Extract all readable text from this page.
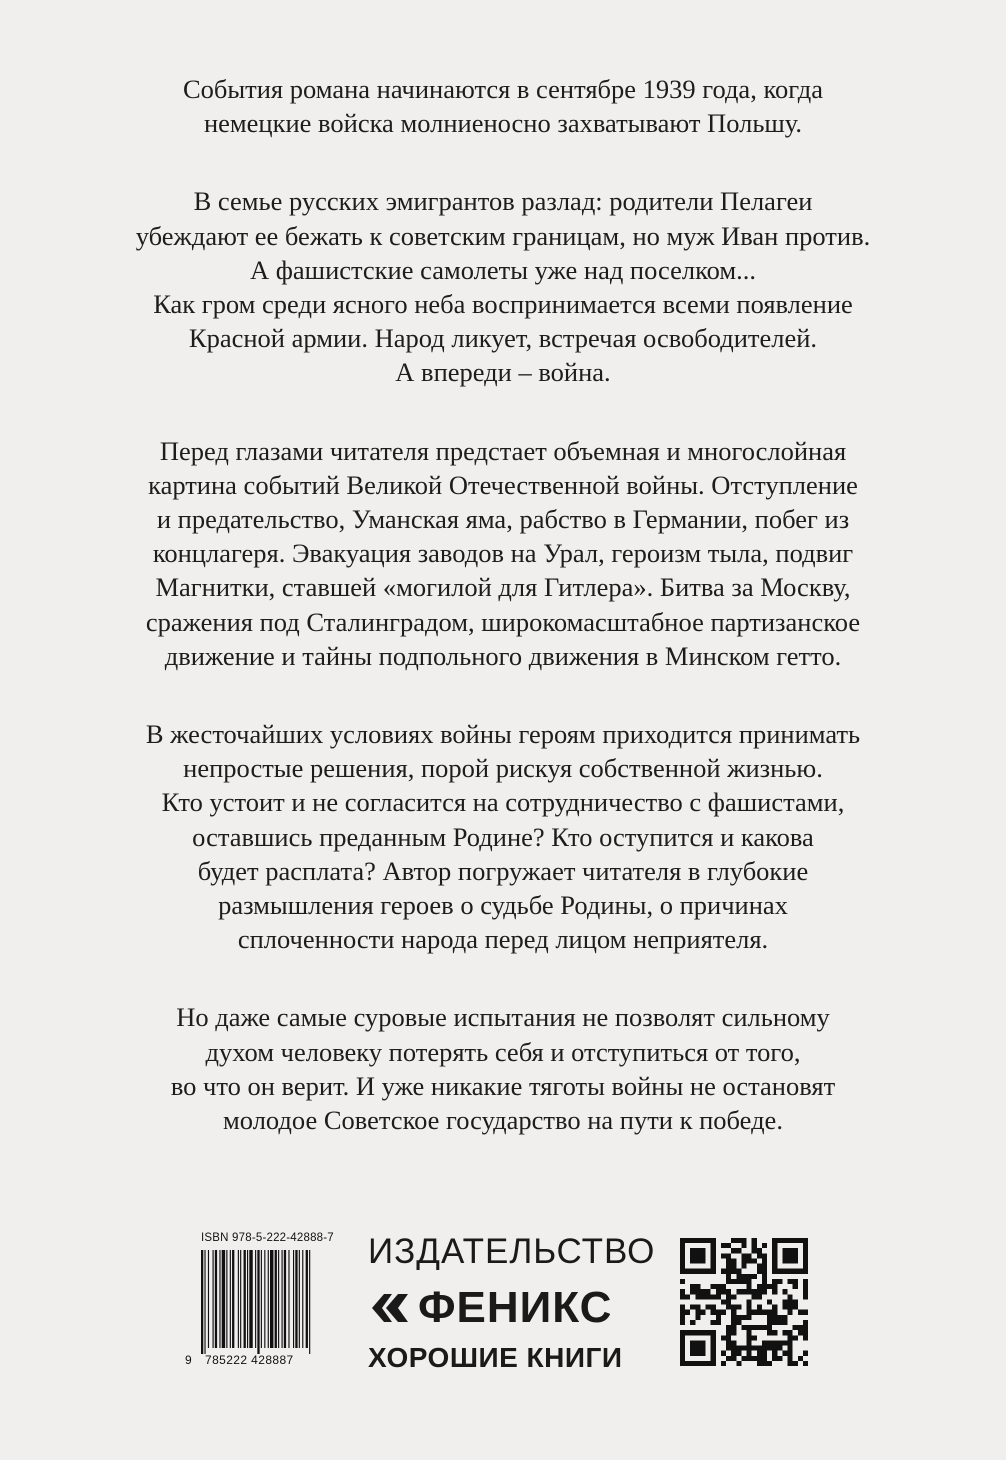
События романа начинаются в сентябре 1939 года, когда
немецкие войска молниеносно захватывают Польшу.
В семье русских эмигрантов разлад: родители Пелагеи
убеждают ее бежать к советским границам, но муж Иван против.
А фашистские самолеты уже над поселком...
Как гром среди ясного неба воспринимается всеми появление
Красной армии. Народ ликует, встречая освободителей.
А впереди – война.
Перед глазами читателя предстает объемная и многослойная
картина событий Великой Отечественной войны. Отступление
и предательство, Уманская яма, рабство в Германии, побег из
концлагеря. Эвакуация заводов на Урал, героизм тыла, подвиг
Магнитки, ставшей «могилой для Гитлера». Битва за Москву,
сражения под Сталинградом, широкомасштабное партизанское
движение и тайны подпольного движения в Минском гетто.
В жесточайших условиях войны героям приходится принимать
непростые решения, порой рискуя собственной жизнью.
Кто устоит и не согласится на сотрудничество с фашистами,
оставшись преданным Родине? Кто оступится и какова
будет расплата? Автор погружает читателя в глубокие
размышления героев о судьбе Родины, о причинах
сплоченности народа перед лицом неприятеля.
Но даже самые суровые испытания не позволят сильному
духом человеку потерять себя и отступиться от того,
во что он верит. И уже никакие тяготы войны не остановят
молодое Советское государство на пути к победе.
ISBN 978-5-222-42888-7
9 785222 428887
ИЗДАТЕЛЬСТВО
ФЕНИКС
ХОРОШИЕ КНИГИ
